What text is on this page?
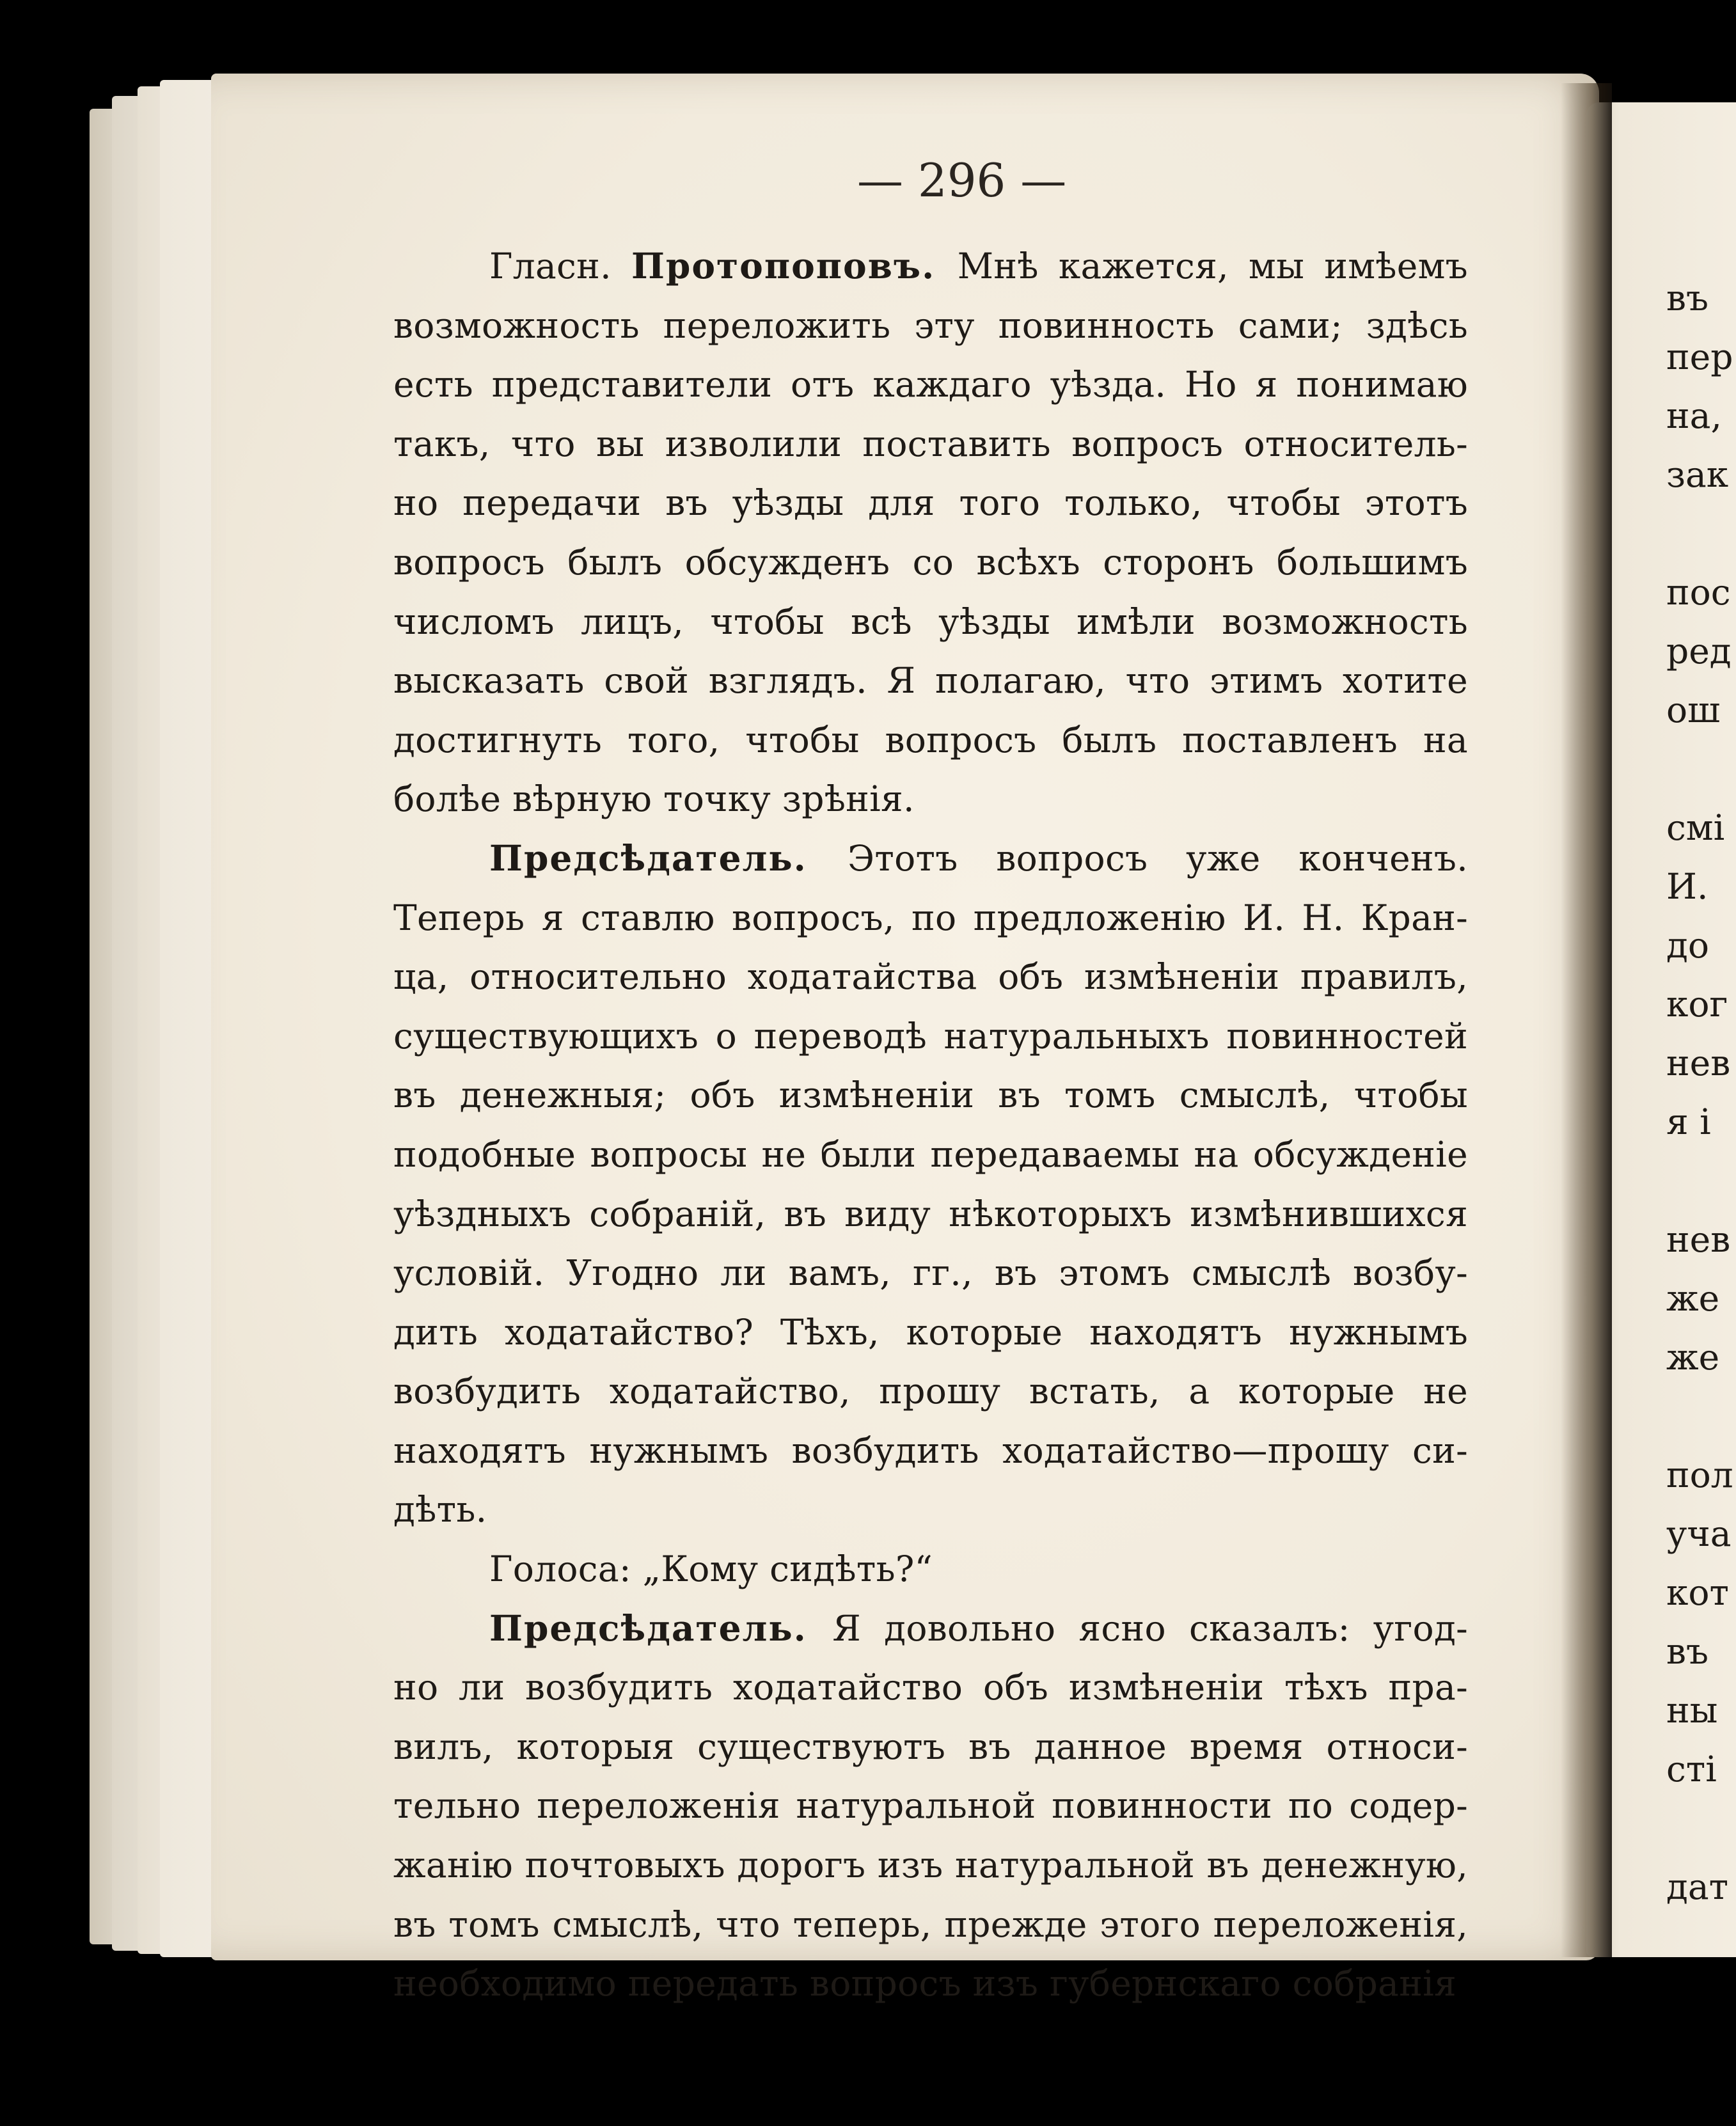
— 296 —
Гласн. Протопоповъ. Мнѣ кажется, мы имѣемъ
возможность переложить эту повинность сами; здѣсь
есть представители отъ каждаго уѣзда. Но я понимаю
такъ, что вы изволили поставить вопросъ относитель-
но передачи въ уѣзды для того только, чтобы этотъ
вопросъ былъ обсужденъ со всѣхъ сторонъ большимъ
числомъ лицъ, чтобы всѣ уѣзды имѣли возможность
высказать свой взглядъ. Я полагаю, что этимъ хотите
достигнуть того, чтобы вопросъ былъ поставленъ на
болѣе вѣрную точку зрѣнія.
Предсѣдатель. Этотъ вопросъ уже конченъ.
Теперь я ставлю вопросъ, по предложенію И. Н. Кран-
ца, относительно ходатайства объ измѣненіи правилъ,
существующихъ о переводѣ натуральныхъ повинностей
въ денежныя; объ измѣненіи въ томъ смыслѣ, чтобы
подобные вопросы не были передаваемы на обсужденіе
уѣздныхъ собраній, въ виду нѣкоторыхъ измѣнившихся
условій. Угодно ли вамъ, гг., въ этомъ смыслѣ возбу-
дить ходатайство? Тѣхъ, которые находятъ нужнымъ
возбудить ходатайство, прошу встать, а которые не
находятъ нужнымъ возбудить ходатайство—прошу си-
дѣть.
Голоса: „Кому сидѣть?“
Предсѣдатель. Я довольно ясно сказалъ: угод-
но ли возбудить ходатайство объ измѣненіи тѣхъ пра-
вилъ, которыя существуютъ въ данное время относи-
тельно переложенія натуральной повинности по содер-
жанію почтовыхъ дорогъ изъ натуральной въ денежную,
въ томъ смыслѣ, что теперь, прежде этого переложенія,
необходимо передать вопросъ изъ губернскаго собранія
въ
пер
на,
зак
пос
ред
ош
смі
И.
до
ког
нев
я і
нев
же
же
пол
уча
кот
въ
ны
сті
дат
